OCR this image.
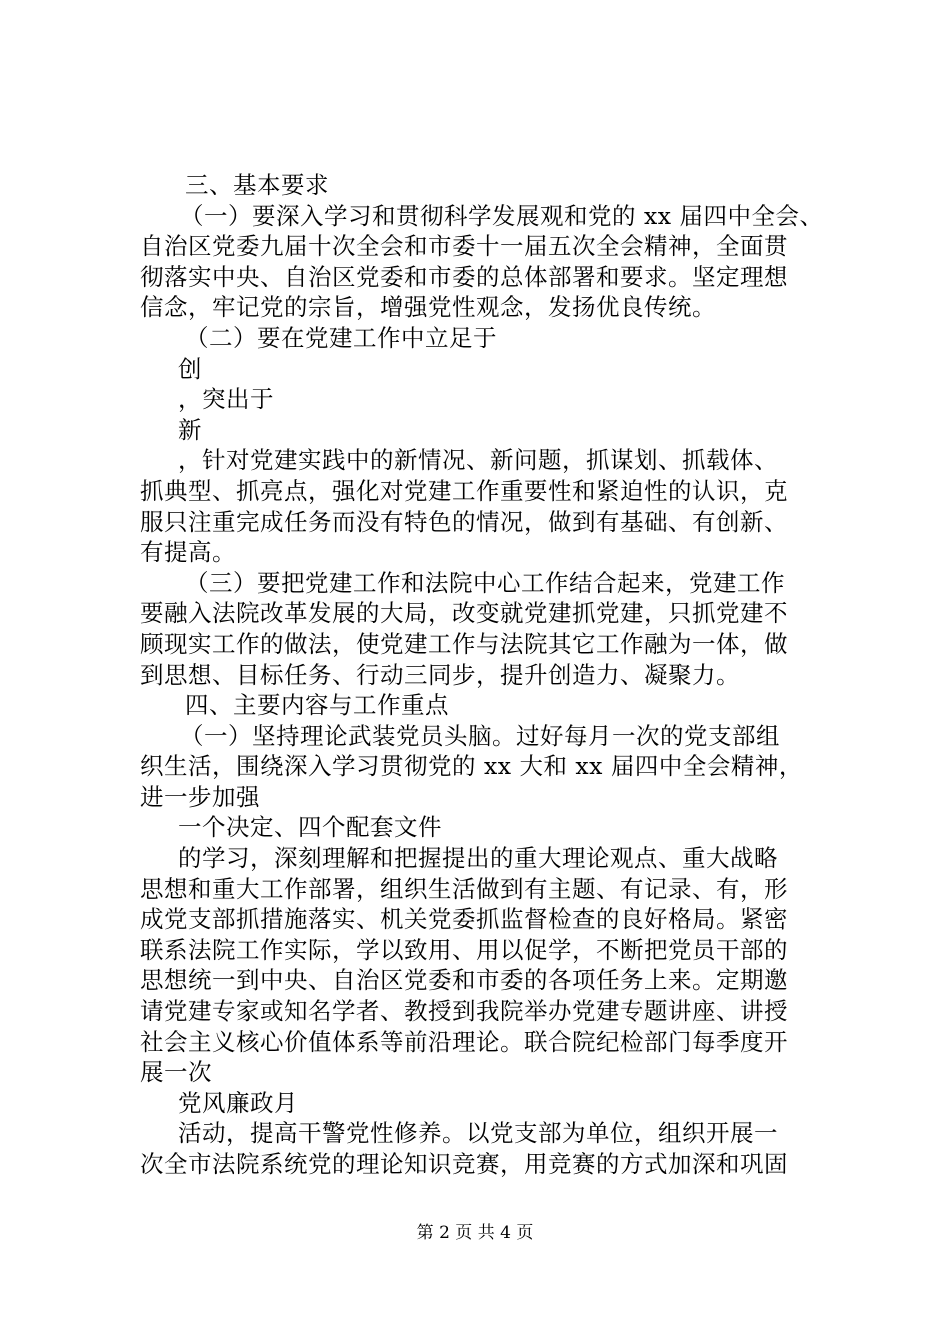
三、基本要求
（一）要深入学习和贯彻科学发展观和党的 xx 届四中全会、
自治区党委九届十次全会和市委十一届五次全会精神，全面贯
彻落实中央、自治区党委和市委的总体部署和要求。坚定理想
信念，牢记党的宗旨，增强党性观念，发扬优良传统。
（二）要在党建工作中立足于
创
，突出于
新
，针对党建实践中的新情况、新问题，抓谋划、抓载体、
抓典型、抓亮点，强化对党建工作重要性和紧迫性的认识，克
服只注重完成任务而没有特色的情况，做到有基础、有创新、
有提高。
（三）要把党建工作和法院中心工作结合起来，党建工作
要融入法院改革发展的大局，改变就党建抓党建，只抓党建不
顾现实工作的做法，使党建工作与法院其它工作融为一体，做
到思想、目标任务、行动三同步，提升创造力、凝聚力。
四、主要内容与工作重点
（一）坚持理论武装党员头脑。过好每月一次的党支部组
织生活，围绕深入学习贯彻党的 xx 大和 xx 届四中全会精神，
进一步加强
一个决定、四个配套文件
的学习，深刻理解和把握提出的重大理论观点、重大战略
思想和重大工作部署，组织生活做到有主题、有记录、有，形
成党支部抓措施落实、机关党委抓监督检查的良好格局。紧密
联系法院工作实际，学以致用、用以促学，不断把党员干部的
思想统一到中央、自治区党委和市委的各项任务上来。定期邀
请党建专家或知名学者、教授到我院举办党建专题讲座、讲授
社会主义核心价值体系等前沿理论。联合院纪检部门每季度开
展一次
党风廉政月
活动，提高干警党性修养。以党支部为单位，组织开展一
次全市法院系统党的理论知识竞赛，用竞赛的方式加深和巩固
第 2 页 共 4 页
